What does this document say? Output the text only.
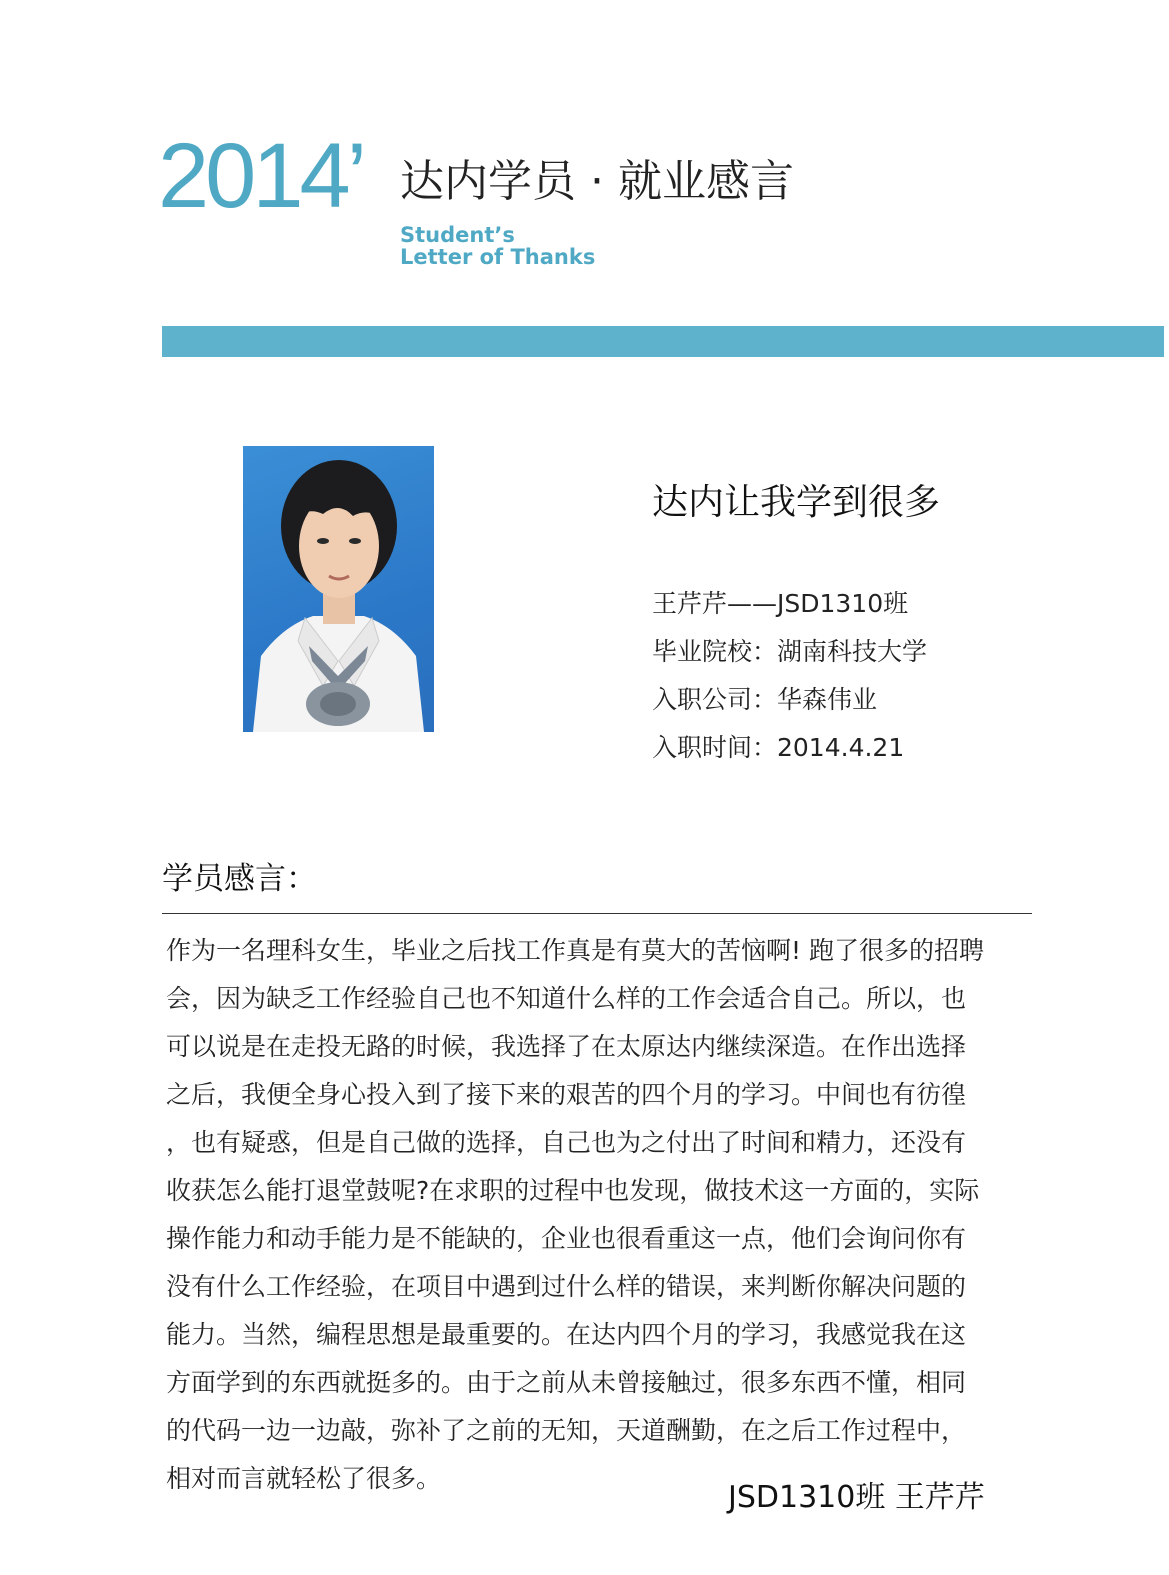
2014’ 达内学员 · 就业感言
Student’s
Letter of Thanks
达内让我学到很多
王芹芹——JSD1310班
毕业院校：湖南科技大学
入职公司：华森伟业
入职时间：2014.4.21
学员感言：
作为一名理科女生，毕业之后找工作真是有莫大的苦恼啊! 跑了很多的招聘
会，因为缺乏工作经验自己也不知道什么样的工作会适合自己。所以，也
可以说是在走投无路的时候，我选择了在太原达内继续深造。在作出选择
之后，我便全身心投入到了接下来的艰苦的四个月的学习。中间也有彷徨
，也有疑惑，但是自己做的选择，自己也为之付出了时间和精力，还没有
收获怎么能打退堂鼓呢?在求职的过程中也发现，做技术这一方面的，实际
操作能力和动手能力是不能缺的，企业也很看重这一点，他们会询问你有
没有什么工作经验，在项目中遇到过什么样的错误，来判断你解决问题的
能力。当然，编程思想是最重要的。在达内四个月的学习，我感觉我在这
方面学到的东西就挺多的。由于之前从未曾接触过，很多东西不懂，相同
的代码一边一边敲，弥补了之前的无知，天道酬勤，在之后工作过程中，
相对而言就轻松了很多。
JSD1310班 王芹芹
